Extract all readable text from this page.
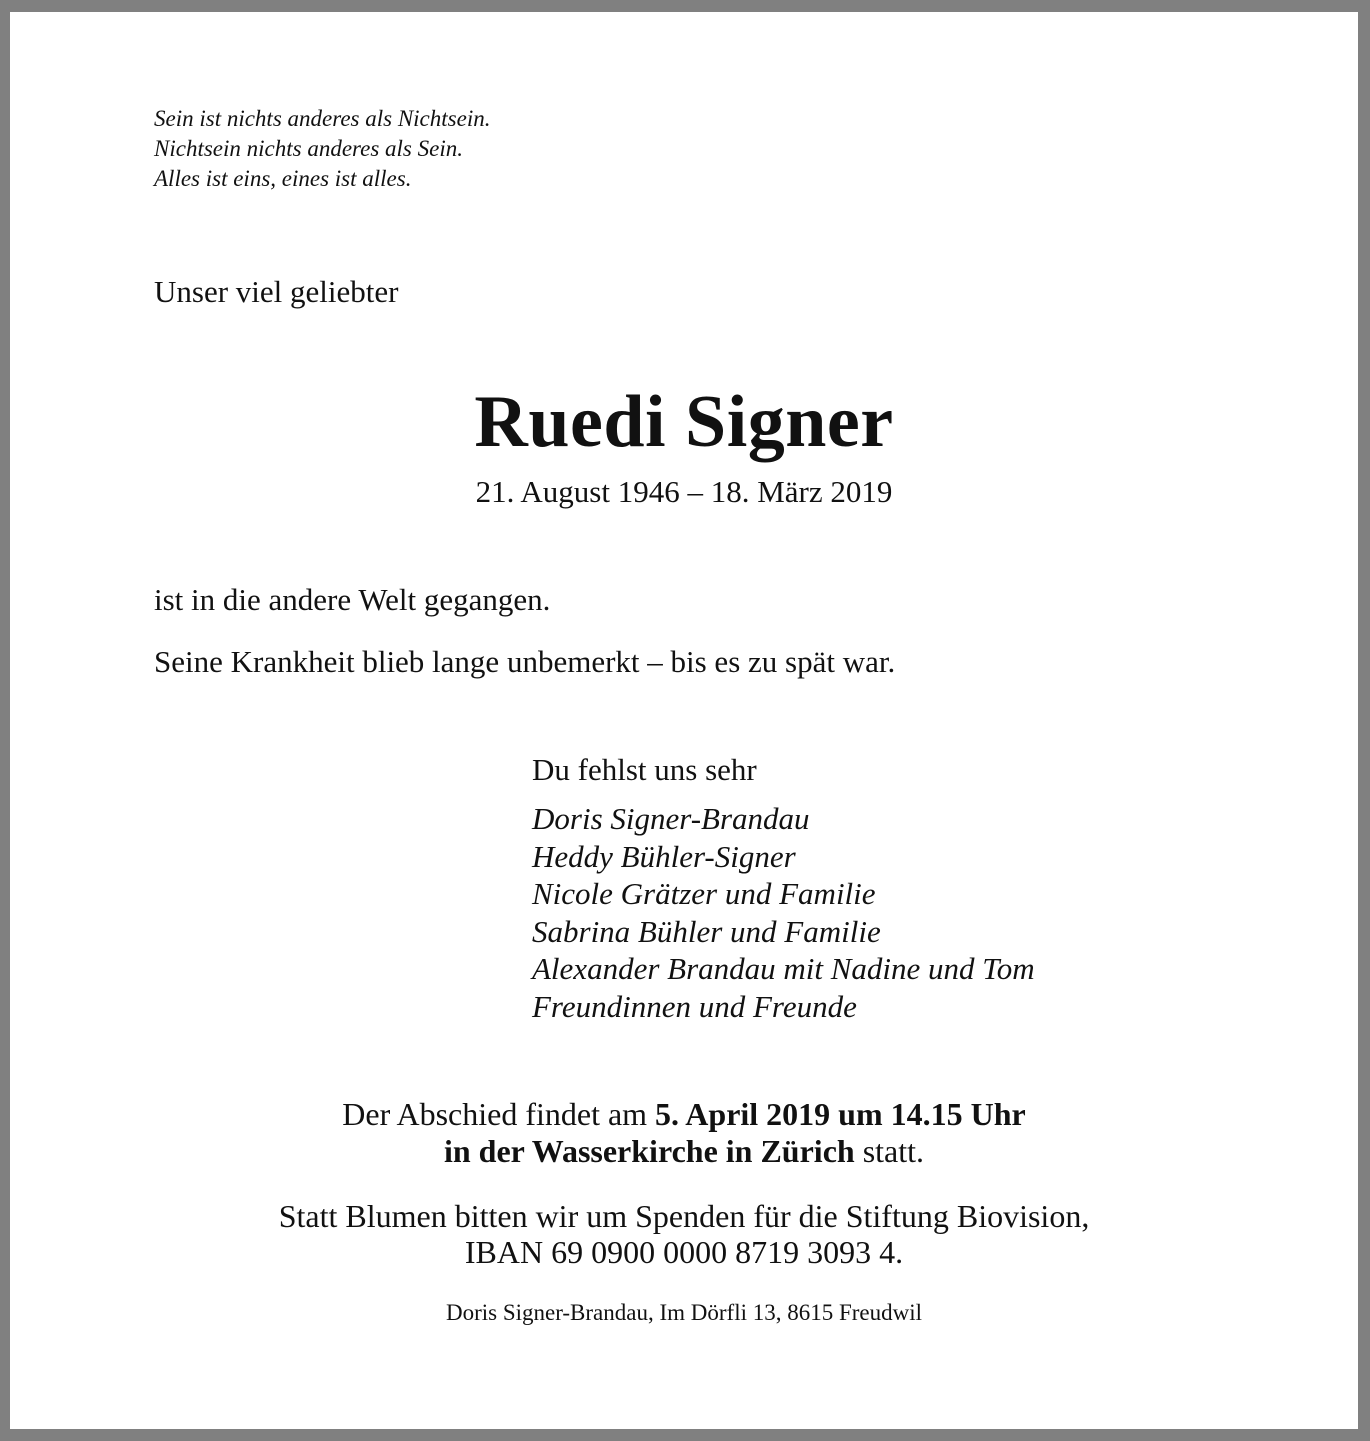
Sein ist nichts anderes als Nichtsein.
Nichtsein nichts anderes als Sein.
Alles ist eins, eines ist alles.
Unser viel geliebter
Ruedi Signer
21. August 1946 – 18. März 2019
ist in die andere Welt gegangen.
Seine Krankheit blieb lange unbemerkt – bis es zu spät war.
Du fehlst uns sehr
Doris Signer-Brandau
Heddy Bühler-Signer
Nicole Grätzer und Familie
Sabrina Bühler und Familie
Alexander Brandau mit Nadine und Tom
Freundinnen und Freunde
Der Abschied findet am 5. April 2019 um 14.15 Uhr
in der Wasserkirche in Zürich statt.
Statt Blumen bitten wir um Spenden für die Stiftung Biovision,
IBAN 69 0900 0000 8719 3093 4.
Doris Signer-Brandau, Im Dörfli 13, 8615 Freudwil
